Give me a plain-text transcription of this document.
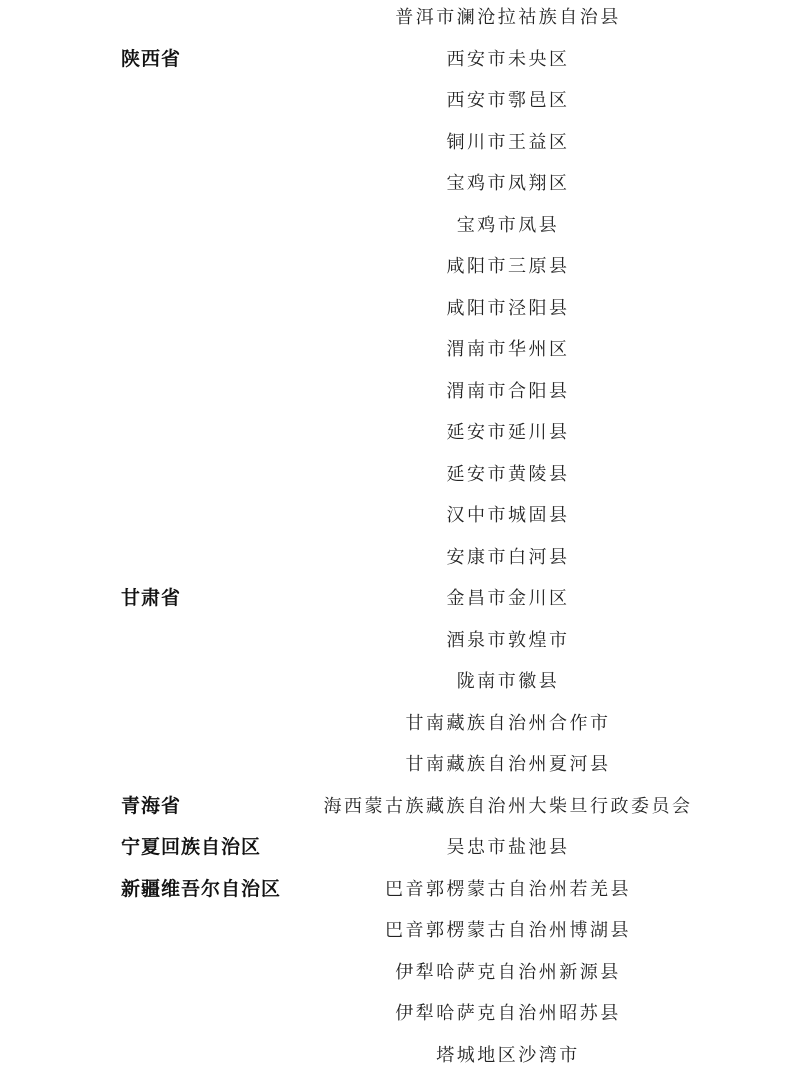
普洱市澜沧拉祜族自治县
陕西省	西安市未央区
西安市鄠邑区
铜川市王益区
宝鸡市凤翔区
宝鸡市凤县
咸阳市三原县
咸阳市泾阳县
渭南市华州区
渭南市合阳县
延安市延川县
延安市黄陵县
汉中市城固县
安康市白河县
甘肃省	金昌市金川区
酒泉市敦煌市
陇南市徽县
甘南藏族自治州合作市
甘南藏族自治州夏河县
青海省	海西蒙古族藏族自治州大柴旦行政委员会
宁夏回族自治区	吴忠市盐池县
新疆维吾尔自治区	巴音郭楞蒙古自治州若羌县
巴音郭楞蒙古自治州博湖县
伊犁哈萨克自治州新源县
伊犁哈萨克自治州昭苏县
塔城地区沙湾市
